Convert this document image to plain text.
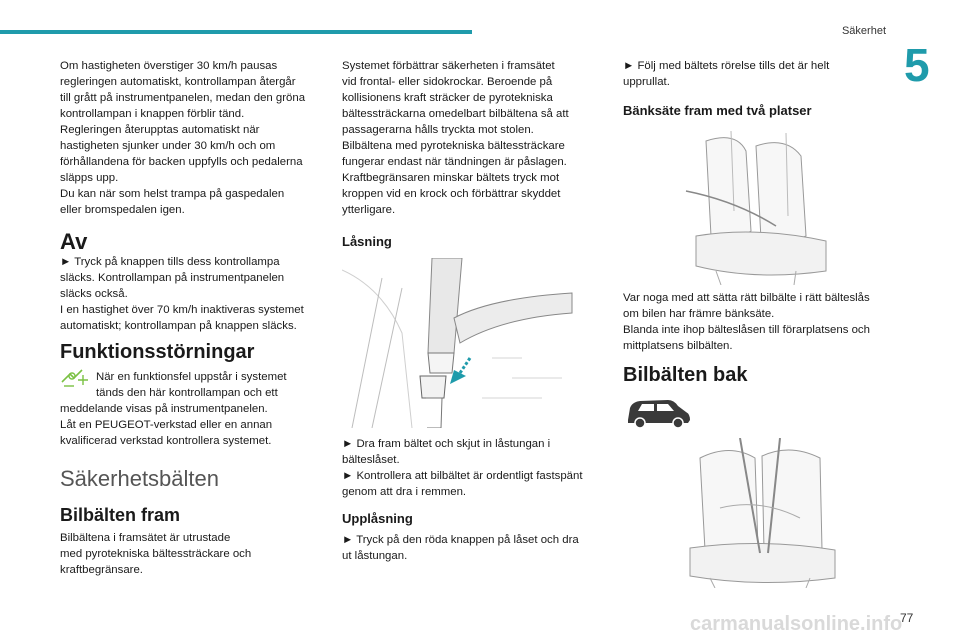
Säkerhet
5

Om hastigheten överstiger 30 km/h pausas
regleringen automatiskt, kontrollampan återgår
till grått på instrumentpanelen, medan den gröna
kontrollampan i knappen förblir tänd.
Regleringen återupptas automatiskt när
hastigheten sjunker under 30 km/h och om
förhållandena för backen uppfylls och pedalerna
släpps upp.
Du kan när som helst trampa på gaspedalen
eller bromspedalen igen.

Av

► Tryck på knappen tills dess kontrollampa
släcks. Kontrollampan på instrumentpanelen
släcks också.
I en hastighet över 70 km/h inaktiveras systemet
automatiskt; kontrollampan på knappen släcks.

Funktionsstörningar

När en funktionsfel uppstår i systemet
tänds den här kontrollampan och ett
meddelande visas på instrumentpanelen.
Låt en PEUGEOT-verkstad eller en annan
kvalificerad verkstad kontrollera systemet.

Säkerhetsbälten
Bilbälten fram

Bilbältena i framsätet är utrustade
med pyrotekniska bältessträckare och
kraftbegränsare.

Systemet förbättrar säkerheten i framsätet
vid frontal- eller sidokrockar. Beroende på
kollisionens kraft sträcker de pyrotekniska
bältessträckarna omedelbart bilbältena så att
passagerarna hålls tryckta mot stolen.
Bilbältena med pyrotekniska bältessträckare
fungerar endast när tändningen är påslagen.
Kraftbegränsaren minskar bältets tryck mot
kroppen vid en krock och förbättrar skyddet
ytterligare.

Låsning

► Dra fram bältet och skjut in låstungan i
bälteslåset.
► Kontrollera att bilbältet är ordentligt fastspänt
genom att dra i remmen.

Upplåsning

► Tryck på den röda knappen på låset och dra
ut låstungan.

► Följ med bältets rörelse tills det är helt
upprullat.

Bänksäte fram med två platser

Var noga med att sätta rätt bilbälte i rätt bälteslås
om bilen har främre bänksäte.
Blanda inte ihop bälteslåsen till förarplatsens och
mittplatsens bilbälten.

Bilbälten bak
77
carmanualsonline.info
